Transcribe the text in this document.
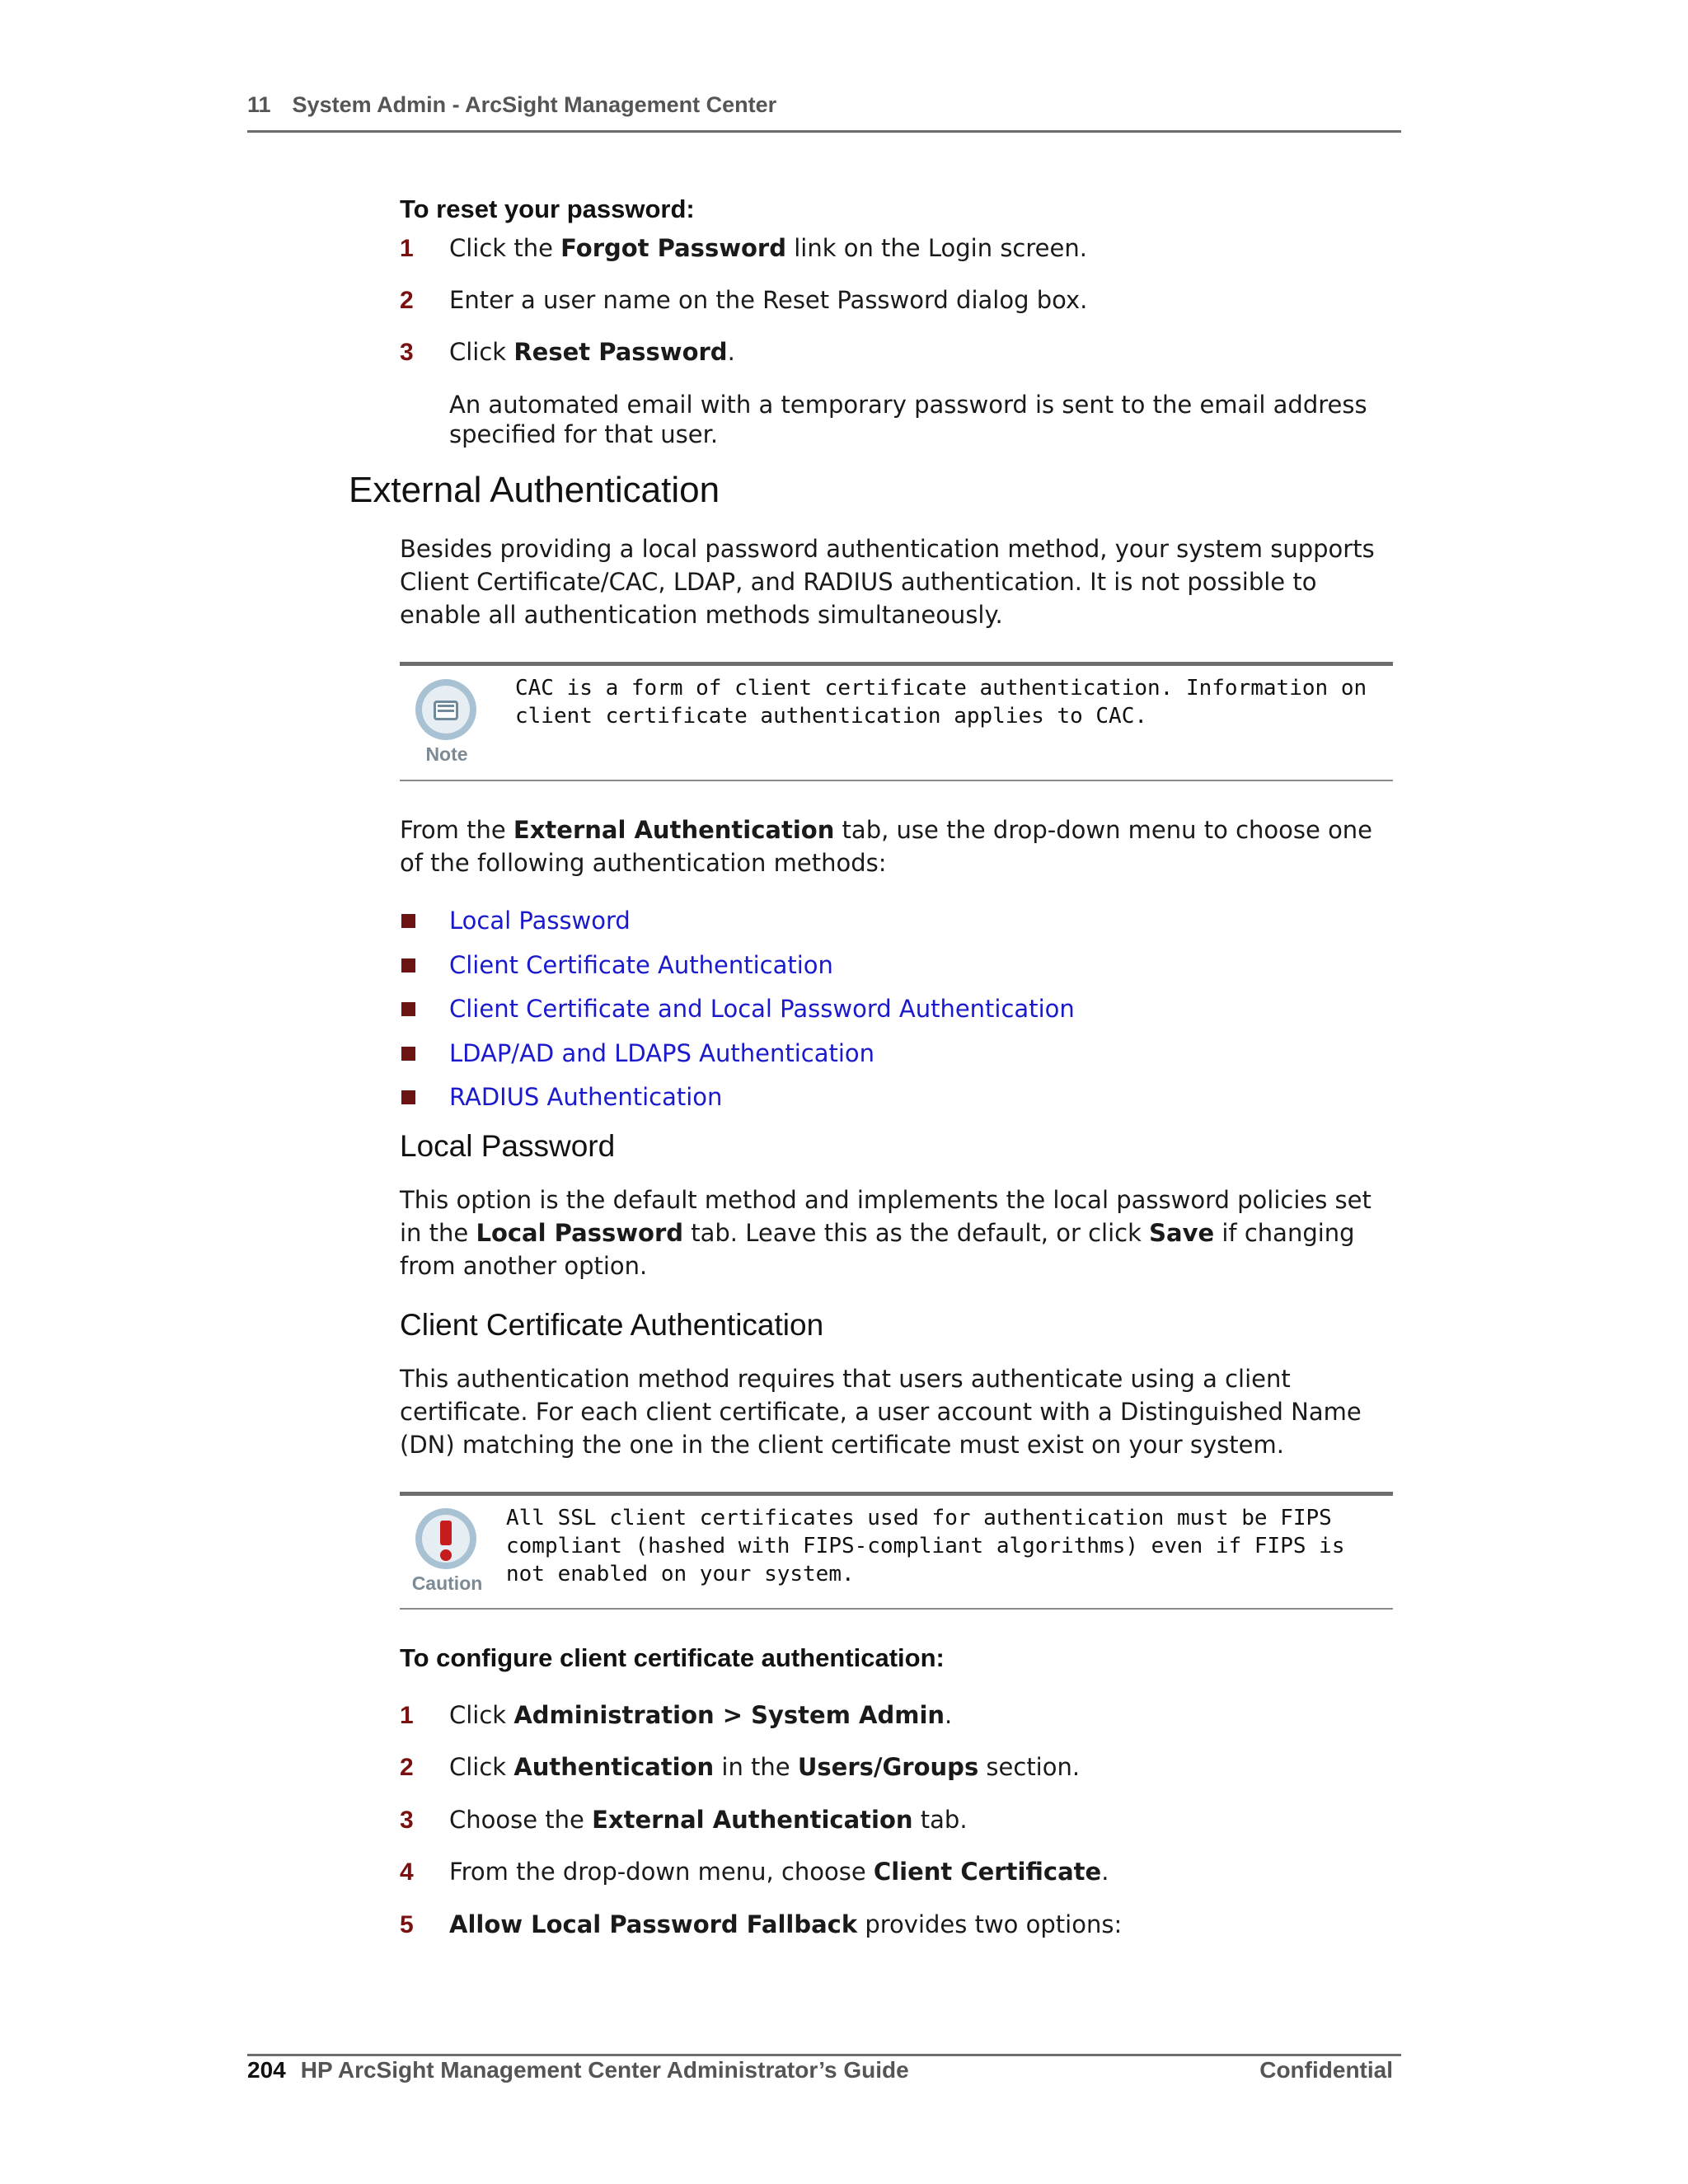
11 System Admin - ArcSight Management Center
To reset your password:
1 Click the Forgot Password link on the Login screen.
2 Enter a user name on the Reset Password dialog box.
3 Click Reset Password.
An automated email with a temporary password is sent to the email address specified for that user.
External Authentication
Besides providing a local password authentication method, your system supports Client Certificate/CAC, LDAP, and RADIUS authentication. It is not possible to enable all authentication methods simultaneously.
Note
CAC is a form of client certificate authentication. Information on client certificate authentication applies to CAC.
From the External Authentication tab, use the drop-down menu to choose one of the following authentication methods:
Local Password
Client Certificate Authentication
Client Certificate and Local Password Authentication
LDAP/AD and LDAPS Authentication
RADIUS Authentication
Local Password
This option is the default method and implements the local password policies set in the Local Password tab. Leave this as the default, or click Save if changing from another option.
Client Certificate Authentication
This authentication method requires that users authenticate using a client certificate. For each client certificate, a user account with a Distinguished Name (DN) matching the one in the client certificate must exist on your system.
Caution
All SSL client certificates used for authentication must be FIPS compliant (hashed with FIPS-compliant algorithms) even if FIPS is not enabled on your system.
To configure client certificate authentication:
1 Click Administration > System Admin.
2 Click Authentication in the Users/Groups section.
3 Choose the External Authentication tab.
4 From the drop-down menu, choose Client Certificate.
5 Allow Local Password Fallback provides two options:
204 HP ArcSight Management Center Administrator’s Guide	Confidential
